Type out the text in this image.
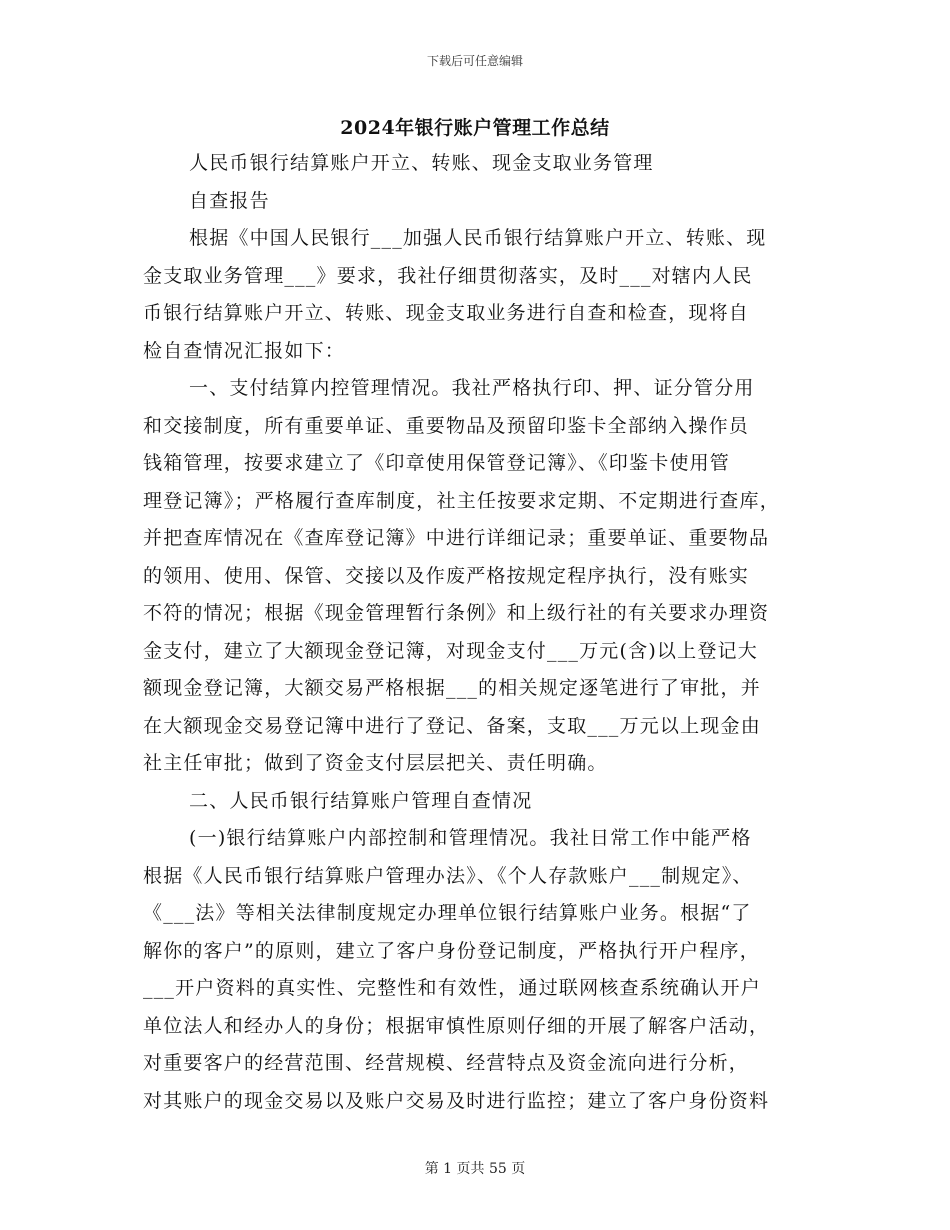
下载后可任意编辑
2024年银行账户管理工作总结
人民币银行结算账户开立、转账、现金支取业务管理
自查报告
根据《中国人民银行___加强人民币银行结算账户开立、转账、现
金支取业务管理___》要求，我社仔细贯彻落实，及时___对辖内人民
币银行结算账户开立、转账、现金支取业务进行自查和检查，现将自
检自查情况汇报如下：
一、支付结算内控管理情况。我社严格执行印、押、证分管分用
和交接制度，所有重要单证、重要物品及预留印鉴卡全部纳入操作员
钱箱管理，按要求建立了《印章使用保管登记簿》、《印鉴卡使用管
理登记簿》；严格履行查库制度，社主任按要求定期、不定期进行查库，
并把查库情况在《查库登记簿》中进行详细记录；重要单证、重要物品
的领用、使用、保管、交接以及作废严格按规定程序执行，没有账实
不符的情况；根据《现金管理暂行条例》和上级行社的有关要求办理资
金支付，建立了大额现金登记簿，对现金支付___万元(含)以上登记大
额现金登记簿，大额交易严格根据___的相关规定逐笔进行了审批，并
在大额现金交易登记簿中进行了登记、备案，支取___万元以上现金由
社主任审批；做到了资金支付层层把关、责任明确。
二、人民币银行结算账户管理自查情况
(一)银行结算账户内部控制和管理情况。我社日常工作中能严格
根据《人民币银行结算账户管理办法》、《个人存款账户___制规定》、
《___法》等相关法律制度规定办理单位银行结算账户业务。根据“了
解你的客户”的原则，建立了客户身份登记制度，严格执行开户程序，
___开户资料的真实性、完整性和有效性，通过联网核查系统确认开户
单位法人和经办人的身份；根据审慎性原则仔细的开展了解客户活动，
对重要客户的经营范围、经营规模、经营特点及资金流向进行分析，
对其账户的现金交易以及账户交易及时进行监控；建立了客户身份资料
第 1 页共 55 页
